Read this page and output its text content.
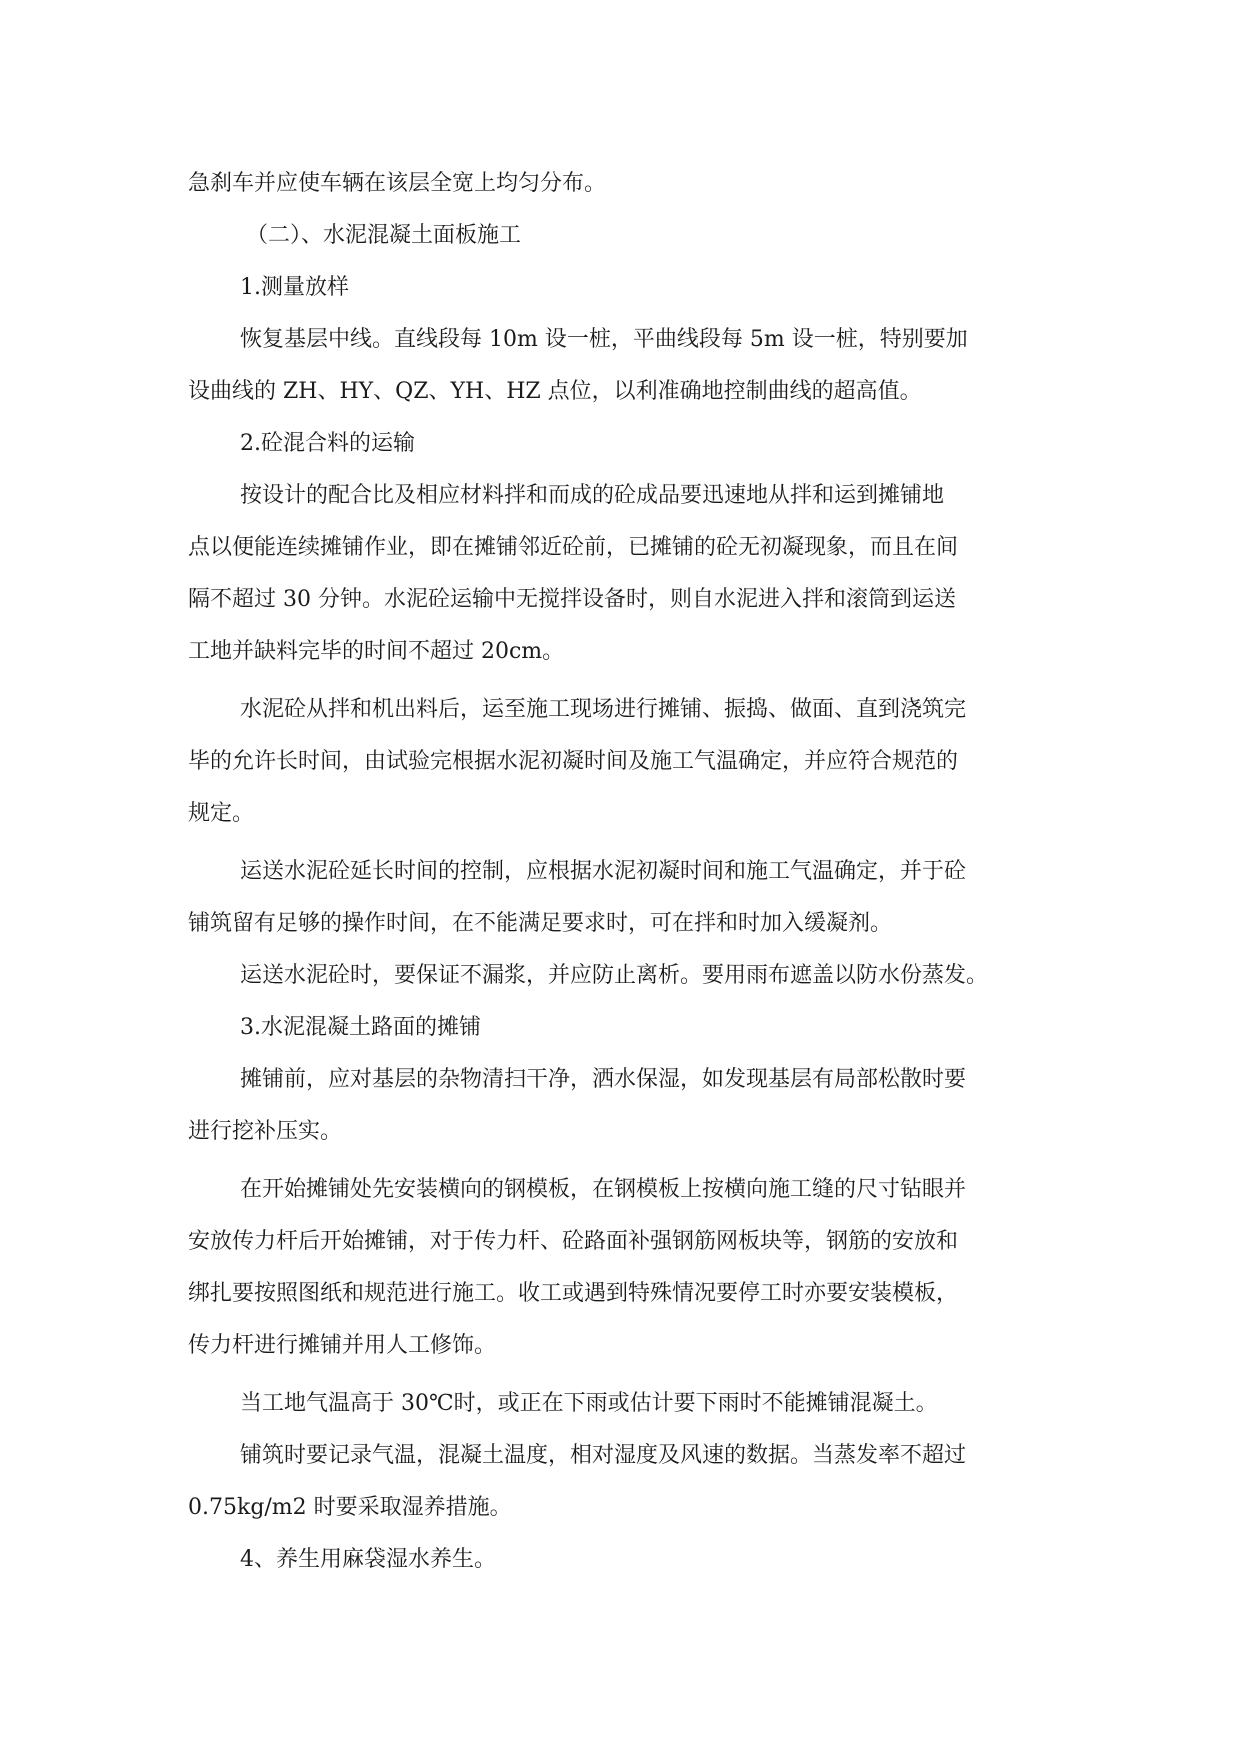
急刹车并应使车辆在该层全宽上均匀分布。

（二）、水泥混凝土面板施工

1.测量放样

恢复基层中线。直线段每 10m 设一桩，平曲线段每 5m 设一桩，特别要加

设曲线的 ZH、HY、QZ、YH、HZ 点位，以利准确地控制曲线的超高值。

2.砼混合料的运输

按设计的配合比及相应材料拌和而成的砼成品要迅速地从拌和运到摊铺地

点以便能连续摊铺作业，即在摊铺邻近砼前，已摊铺的砼无初凝现象，而且在间

隔不超过 30 分钟。水泥砼运输中无搅拌设备时，则自水泥进入拌和滚筒到运送

工地并缺料完毕的时间不超过 20cm。

水泥砼从拌和机出料后，运至施工现场进行摊铺、振捣、做面、直到浇筑完

毕的允许长时间，由试验完根据水泥初凝时间及施工气温确定，并应符合规范的

规定。

运送水泥砼延长时间的控制，应根据水泥初凝时间和施工气温确定，并于砼

铺筑留有足够的操作时间，在不能满足要求时，可在拌和时加入缓凝剂。

运送水泥砼时，要保证不漏浆，并应防止离析。要用雨布遮盖以防水份蒸发。

3.水泥混凝土路面的摊铺

摊铺前，应对基层的杂物清扫干净，洒水保湿，如发现基层有局部松散时要

进行挖补压实。

在开始摊铺处先安装横向的钢模板，在钢模板上按横向施工缝的尺寸钻眼并

安放传力杆后开始摊铺，对于传力杆、砼路面补强钢筋网板块等，钢筋的安放和

绑扎要按照图纸和规范进行施工。收工或遇到特殊情况要停工时亦要安装模板，

传力杆进行摊铺并用人工修饰。

当工地气温高于 30℃时，或正在下雨或估计要下雨时不能摊铺混凝土。

铺筑时要记录气温，混凝土温度，相对湿度及风速的数据。当蒸发率不超过

0.75kg/m2 时要采取湿养措施。

4、养生用麻袋湿水养生。
